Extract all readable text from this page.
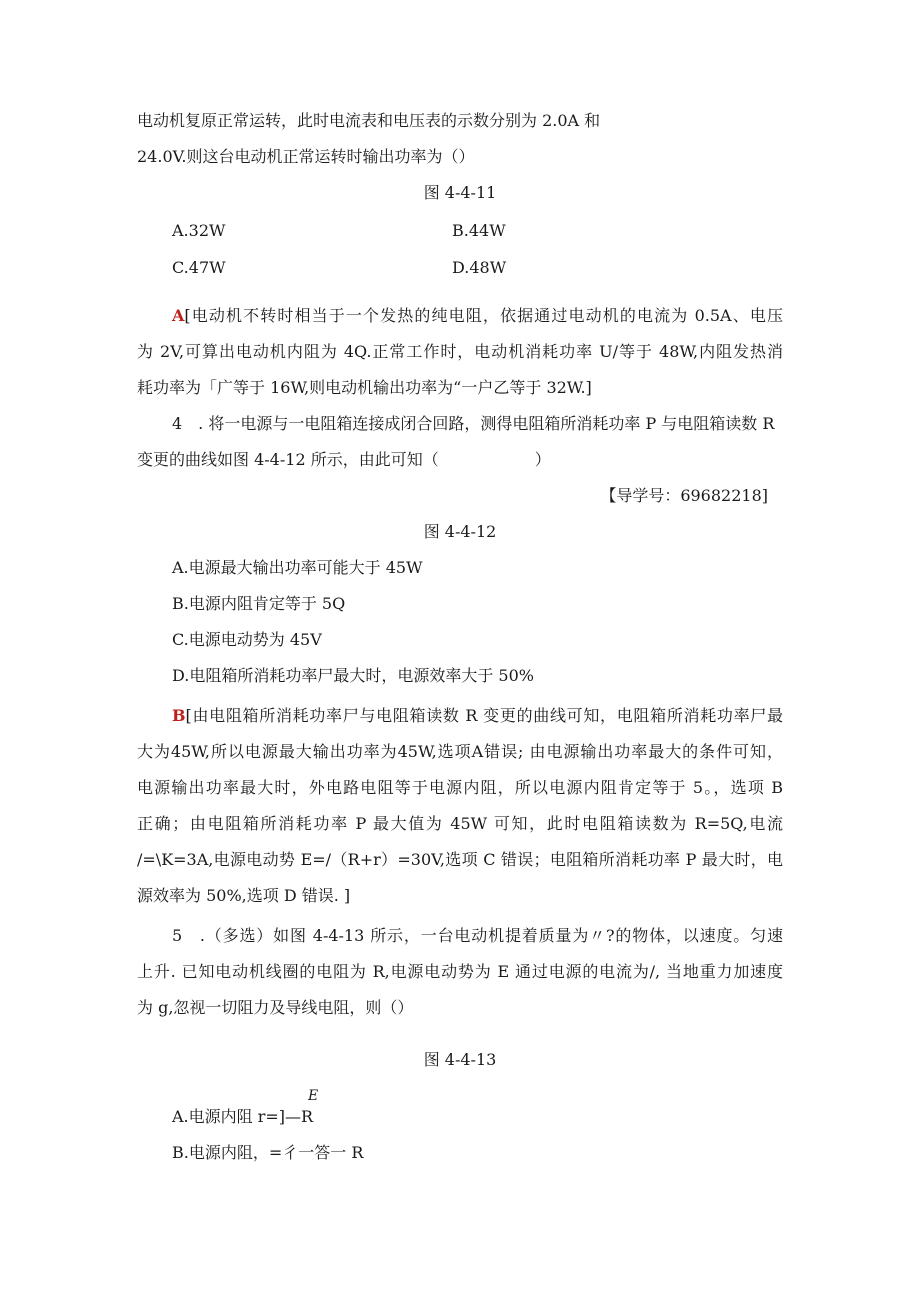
电动机复原正常运转，此时电流表和电压表的示数分别为 2.0A 和
24.0V.则这台电动机正常运转时输出功率为（）
图 4-4-11
A.32W	B.44W
C.47W	D.48W
A[电动机不转时相当于一个发热的纯电阻，依据通过电动机的电流为 0.5A、电压
为 2V,可算出电动机内阻为 4Q.正常工作时，电动机消耗功率 U/等于 48W,内阻发热消
耗功率为「广等于 16W,则电动机输出功率为“一户乙等于 32W.]
4　. 将一电源与一电阻箱连接成闭合回路，测得电阻箱所消耗功率 P 与电阻箱读数 R
变更的曲线如图 4-4-12 所示，由此可知（　　　　　　）
【导学号：69682218]
图 4-4-12
A.电源最大输出功率可能大于 45W
B.电源内阻肯定等于 5Q
C.电源电动势为 45V
D.电阻箱所消耗功率尸最大时，电源效率大于 50%
B[由电阻箱所消耗功率尸与电阻箱读数 R 变更的曲线可知，电阻箱所消耗功率尸最
大为45W,所以电源最大输出功率为45W,选项A错误; 由电源输出功率最大的条件可知，
电源输出功率最大时，外电路电阻等于电源内阻，所以电源内阻肯定等于 5。，选项 B
正确；由电阻箱所消耗功率 P 最大值为 45W 可知，此时电阻箱读数为 R=5Q,电流
/=\K=3A,电源电动势 E=/（R+r）=30V,选项 C 错误；电阻箱所消耗功率 P 最大时，电
源效率为 50%,选项 D 错误. ]
5　.（多选）如图 4-4-13 所示，一台电动机提着质量为〃?的物体，以速度。匀速
上升. 已知电动机线圈的电阻为 R,电源电动势为 E 通过电源的电流为/, 当地重力加速度
为 g,忽视一切阻力及导线电阻，则（）
图 4-4-13
E
A.电源内阻 r=]—R
B.电源内阻，=彳一答一 R
